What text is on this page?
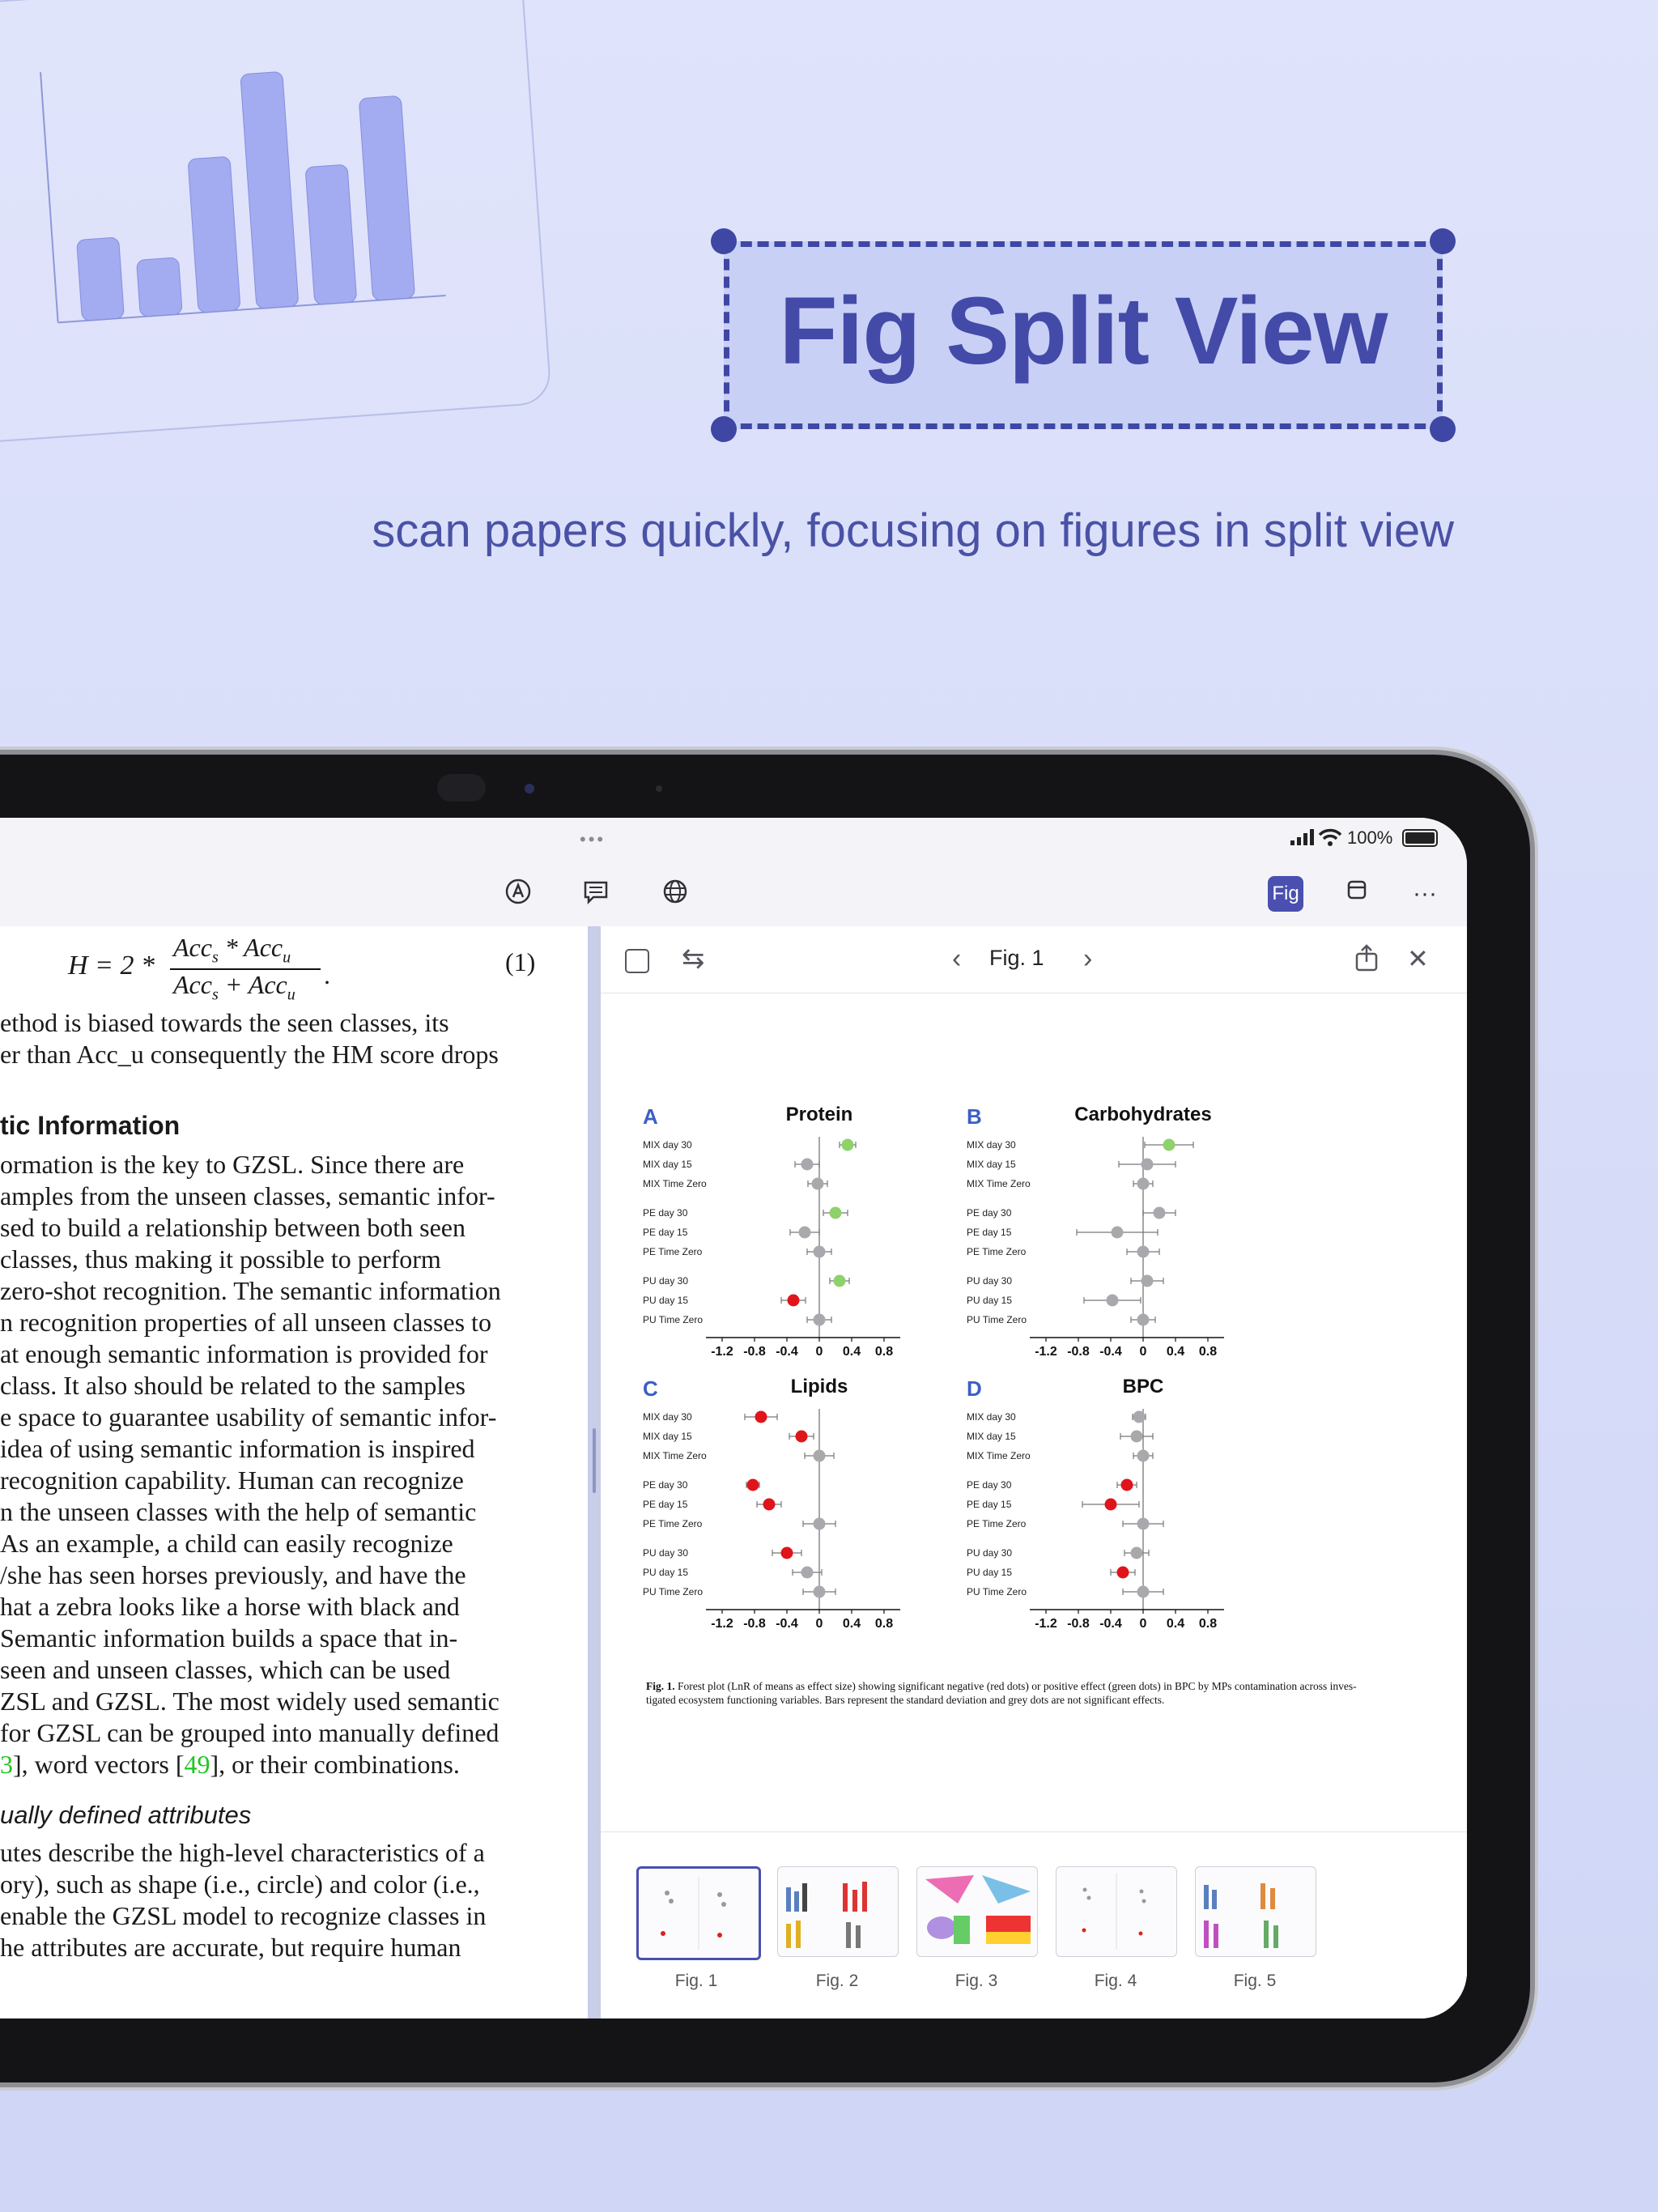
Fig Split View
scan papers quickly, focusing on figures in split view
•••	100%
Fig	···
H = 2 *
Acc$_s$ * Acc$_u$
Acc$_s$ + Acc$_u$
.	(1)
ethod is biased towards the seen classes, its
er than Acc_u consequently the HM score drops
tic Information
ormation is the key to GZSL. Since there are
amples from the unseen classes, semantic infor-
sed to build a relationship between both seen
classes, thus making it possible to perform
zero-shot recognition. The semantic information
n recognition properties of all unseen classes to
at enough semantic information is provided for
class. It also should be related to the samples
e space to guarantee usability of semantic infor-
idea of using semantic information is inspired
recognition capability. Human can recognize
n the unseen classes with the help of semantic
As an example, a child can easily recognize
/she has seen horses previously, and have the
hat a zebra looks like a horse with black and
Semantic information builds a space that in-
seen and unseen classes, which can be used
ZSL and GZSL. The most widely used semantic
for GZSL can be grouped into manually defined
3], word vectors [49], or their combinations.
ually defined attributes
utes describe the high-level characteristics of a
ory), such as shape (i.e., circle) and color (i.e.,
enable the GZSL model to recognize classes in
he attributes are accurate, but require human
⇆	‹ Fig. 1 ›	✕
A	Protein
-1.2 -0.8 -0.4 0 0.4 0.8
MIX day 30
MIX day 15
MIX Time Zero
PE day 30
PE day 15
PE Time Zero
PU day 30
PU day 15
PU Time Zero
B	Carbohydrates
-1.2 -0.8 -0.4 0 0.4 0.8
MIX day 30
MIX day 15
MIX Time Zero
PE day 30
PE day 15
PE Time Zero
PU day 30
PU day 15
PU Time Zero
C	Lipids
-1.2 -0.8 -0.4 0 0.4 0.8
MIX day 30
MIX day 15
MIX Time Zero
PE day 30
PE day 15
PE Time Zero
PU day 30
PU day 15
PU Time Zero
D	BPC
-1.2 -0.8 -0.4 0 0.4 0.8
MIX day 30
MIX day 15
MIX Time Zero
PE day 30
PE day 15
PE Time Zero
PU day 30
PU day 15
PU Time Zero
Fig. 1. Forest plot (LnR of means as effect size) showing significant negative (red dots) or positive effect (green dots) in BPC by MPs contamination across inves-
tigated ecosystem functioning variables. Bars represent the standard deviation and grey dots are not significant effects.
Fig. 1	Fig. 2	Fig. 3	Fig. 4	Fig. 5
